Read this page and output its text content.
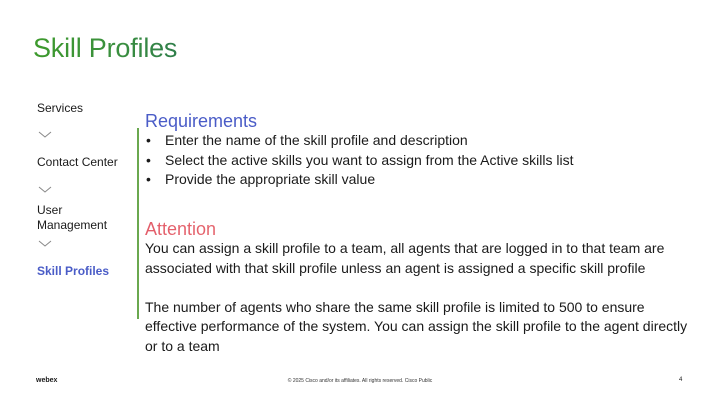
Skill Profiles
Services
Contact Center
User Management
Skill Profiles
Requirements
• Enter the name of the skill profile and description
• Select the active skills you want to assign from the Active skills list
• Provide the appropriate skill value
Attention

You can assign a skill profile to a team, all agents that are logged in to that team are associated with that skill profile unless an agent is assigned a specific skill profile

The number of agents who share the same skill profile is limited to 500 to ensure effective performance of the system. You can assign the skill profile to the agent directly or to a team

webex	© 2025 Cisco and/or its affiliates. All rights reserved. Cisco Public	4
